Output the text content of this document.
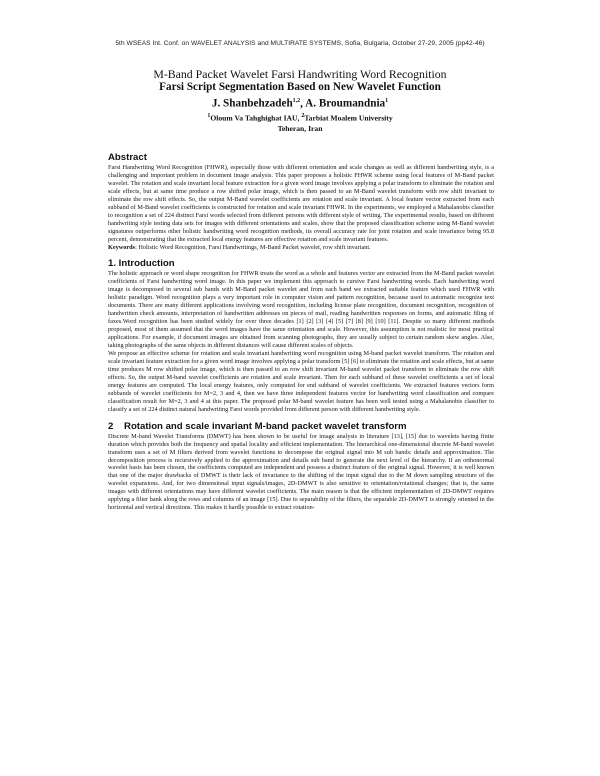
5th WSEAS Int. Conf. on WAVELET ANALYSIS and MULTIRATE SYSTEMS, Sofia, Bulgaria, October 27-29, 2005 (pp42-46)
M-Band Packet Wavelet Farsi Handwriting Word Recognition
Farsi Script Segmentation Based on New Wavelet Function
J. Shanbehzadeh$^{1,2}$, A. Broumandnia$^1$
$^1$Oloum Va Tahghighat IAU, $^2$Tarbiat Moalem University
Teheran, Iran
Abstract

Farsi Handwriting Word Recognition (FHWR), especially those with different orientation and scale changes as well as different handwriting style, is a challenging and important problem in document image analysis. This paper proposes a holistic FHWR scheme using local features of M-Band packet wavelet. The rotation and scale invariant local feature extraction for a given word image involves applying a polar transform to eliminate the rotation and scale effects, but at same time produce a row shifted polar image, which is then passed to an M-Band wavelet transform with row shift invariant to eliminate the row shift effects. So, the output M-Band wavelet coefficients are rotation and scale invariant. A local feature vector extracted from each subband of M-Band wavelet coefficients is constructed for rotation and scale invariant FHWR. In the experiments, we employed a Mahalanobis classifier to recognition a set of 224 distinct Farsi words selected from different persons with different style of writing. The experimental results, based on different handwriting style testing data sets for images with different orientations and scales, show that the proposed classification scheme using M-Band wavelet signatures outperforms other holistic handwriting word recognition methods, its overall accuracy rate for joint rotation and scale invariance being 95.8 percent, demonstrating that the extracted local energy features are effective rotation and scale invariant features.

Keywords: Holistic Word Recognition, Farsi Handwritings, M-Band Packet wavelet, row shift invariant.

1. Introduction

The holistic approach or word shape recognition for FHWR treats the word as a whole and features vector are extracted from the M-Band packet wavelet coefficients of Farsi handwriting word image. In this paper we implement this approach to cursive Farsi handwriting words. Each handwriting word image is decomposed in several sub bands with M-Band packet wavelet and from each band we extracted suitable feature which used FHWR with holistic paradigm. Word recognition plays a very important role in computer vision and pattern recognition, because used to automatic recognize text documents. There are many different applications involving word recognition, including license plate recognition, document recognition, recognition of handwritten check amounts, interpretation of handwritten addresses on pieces of mail, reading handwritten responses on forms, and automatic filing of faxes.Word recognition has been studied widely for over three decades [1] [2] [3] [4] [5] [7] [8] [9] [10] [11]. Despite so many different methods proposed, most of them assumed that the word images have the same orientation and scale. However, this assumption is not realistic for most practical applications. For example, if document images are obtained from scanning photographs, they are usually subject to certain random skew angles. Also, taking photographs of the same objects in different distances will cause different scales of objects.

We propose an effective scheme for rotation and scale invariant handwriting word recognition using M-band packet wavelet transform. The rotation and scale invariant feature extraction for a given word image involves applying a polar transform [5] [6] to eliminate the rotation and scale effects, but at same time produces M row shifted polar image, which is then passed to an row shift invariant M-band wavelet packet transform to eliminate the row shift effects. So, the output M-band wavelet coefficients are rotation and scale invariant. Then for each subband of these wavelet coefficients a set of local energy features are computed. The local energy features, only computed for end subband of wavelet coefficients. We extracted features vectors form subbands of wavelet coefficients for M=2, 3 and 4, then we have three independent features vector for handwriting word classification and compare classification result for M=2, 3 and 4 at this paper. The proposed polar M-band wavelet feature has been well tested using a Mahalanobis classifier to classify a set of 224 distinct natural handwriting Farsi words provided from different person with different handwriting style.

2 Rotation and scale invariant M-band packet wavelet transform

Discrete M-band Wavelet Transforms (DMWT) has been shown to be useful for image analysis in literature [13], [15] due to wavelets having finite duration which provides both the frequency and spatial locality and efficient implementation. The hierarchical one-dimensional discrete M-band wavelet transform uses a set of M filters derived from wavelet functions to decompose the original signal into M sub bands: details and approximation. The decomposition process is recursively applied to the approximation and details sub band to generate the next level of the hierarchy. If an orthonormal wavelet basis has been chosen, the coefficients computed are independent and possess a distinct feature of the original signal. However, it is well known that one of the major drawbacks of DMWT is their lack of invariance to the shifting of the input signal due to the M down sampling structure of the wavelet expansions. And, for two dimensional input signals/images, 2D-DMWT is also sensitive to orientation/rotational changes; that is, the same images with different orientations may have different wavelet coefficients. The main reason is that the efficient implementation of 2D-DMWT requires applying a filter bank along the rows and columns of an image [15]. Due to separability of the filters, the separable 2D-DMWT is strongly oriented in the horizontal and vertical directions. This makes it hardly possible to extract rotation-
